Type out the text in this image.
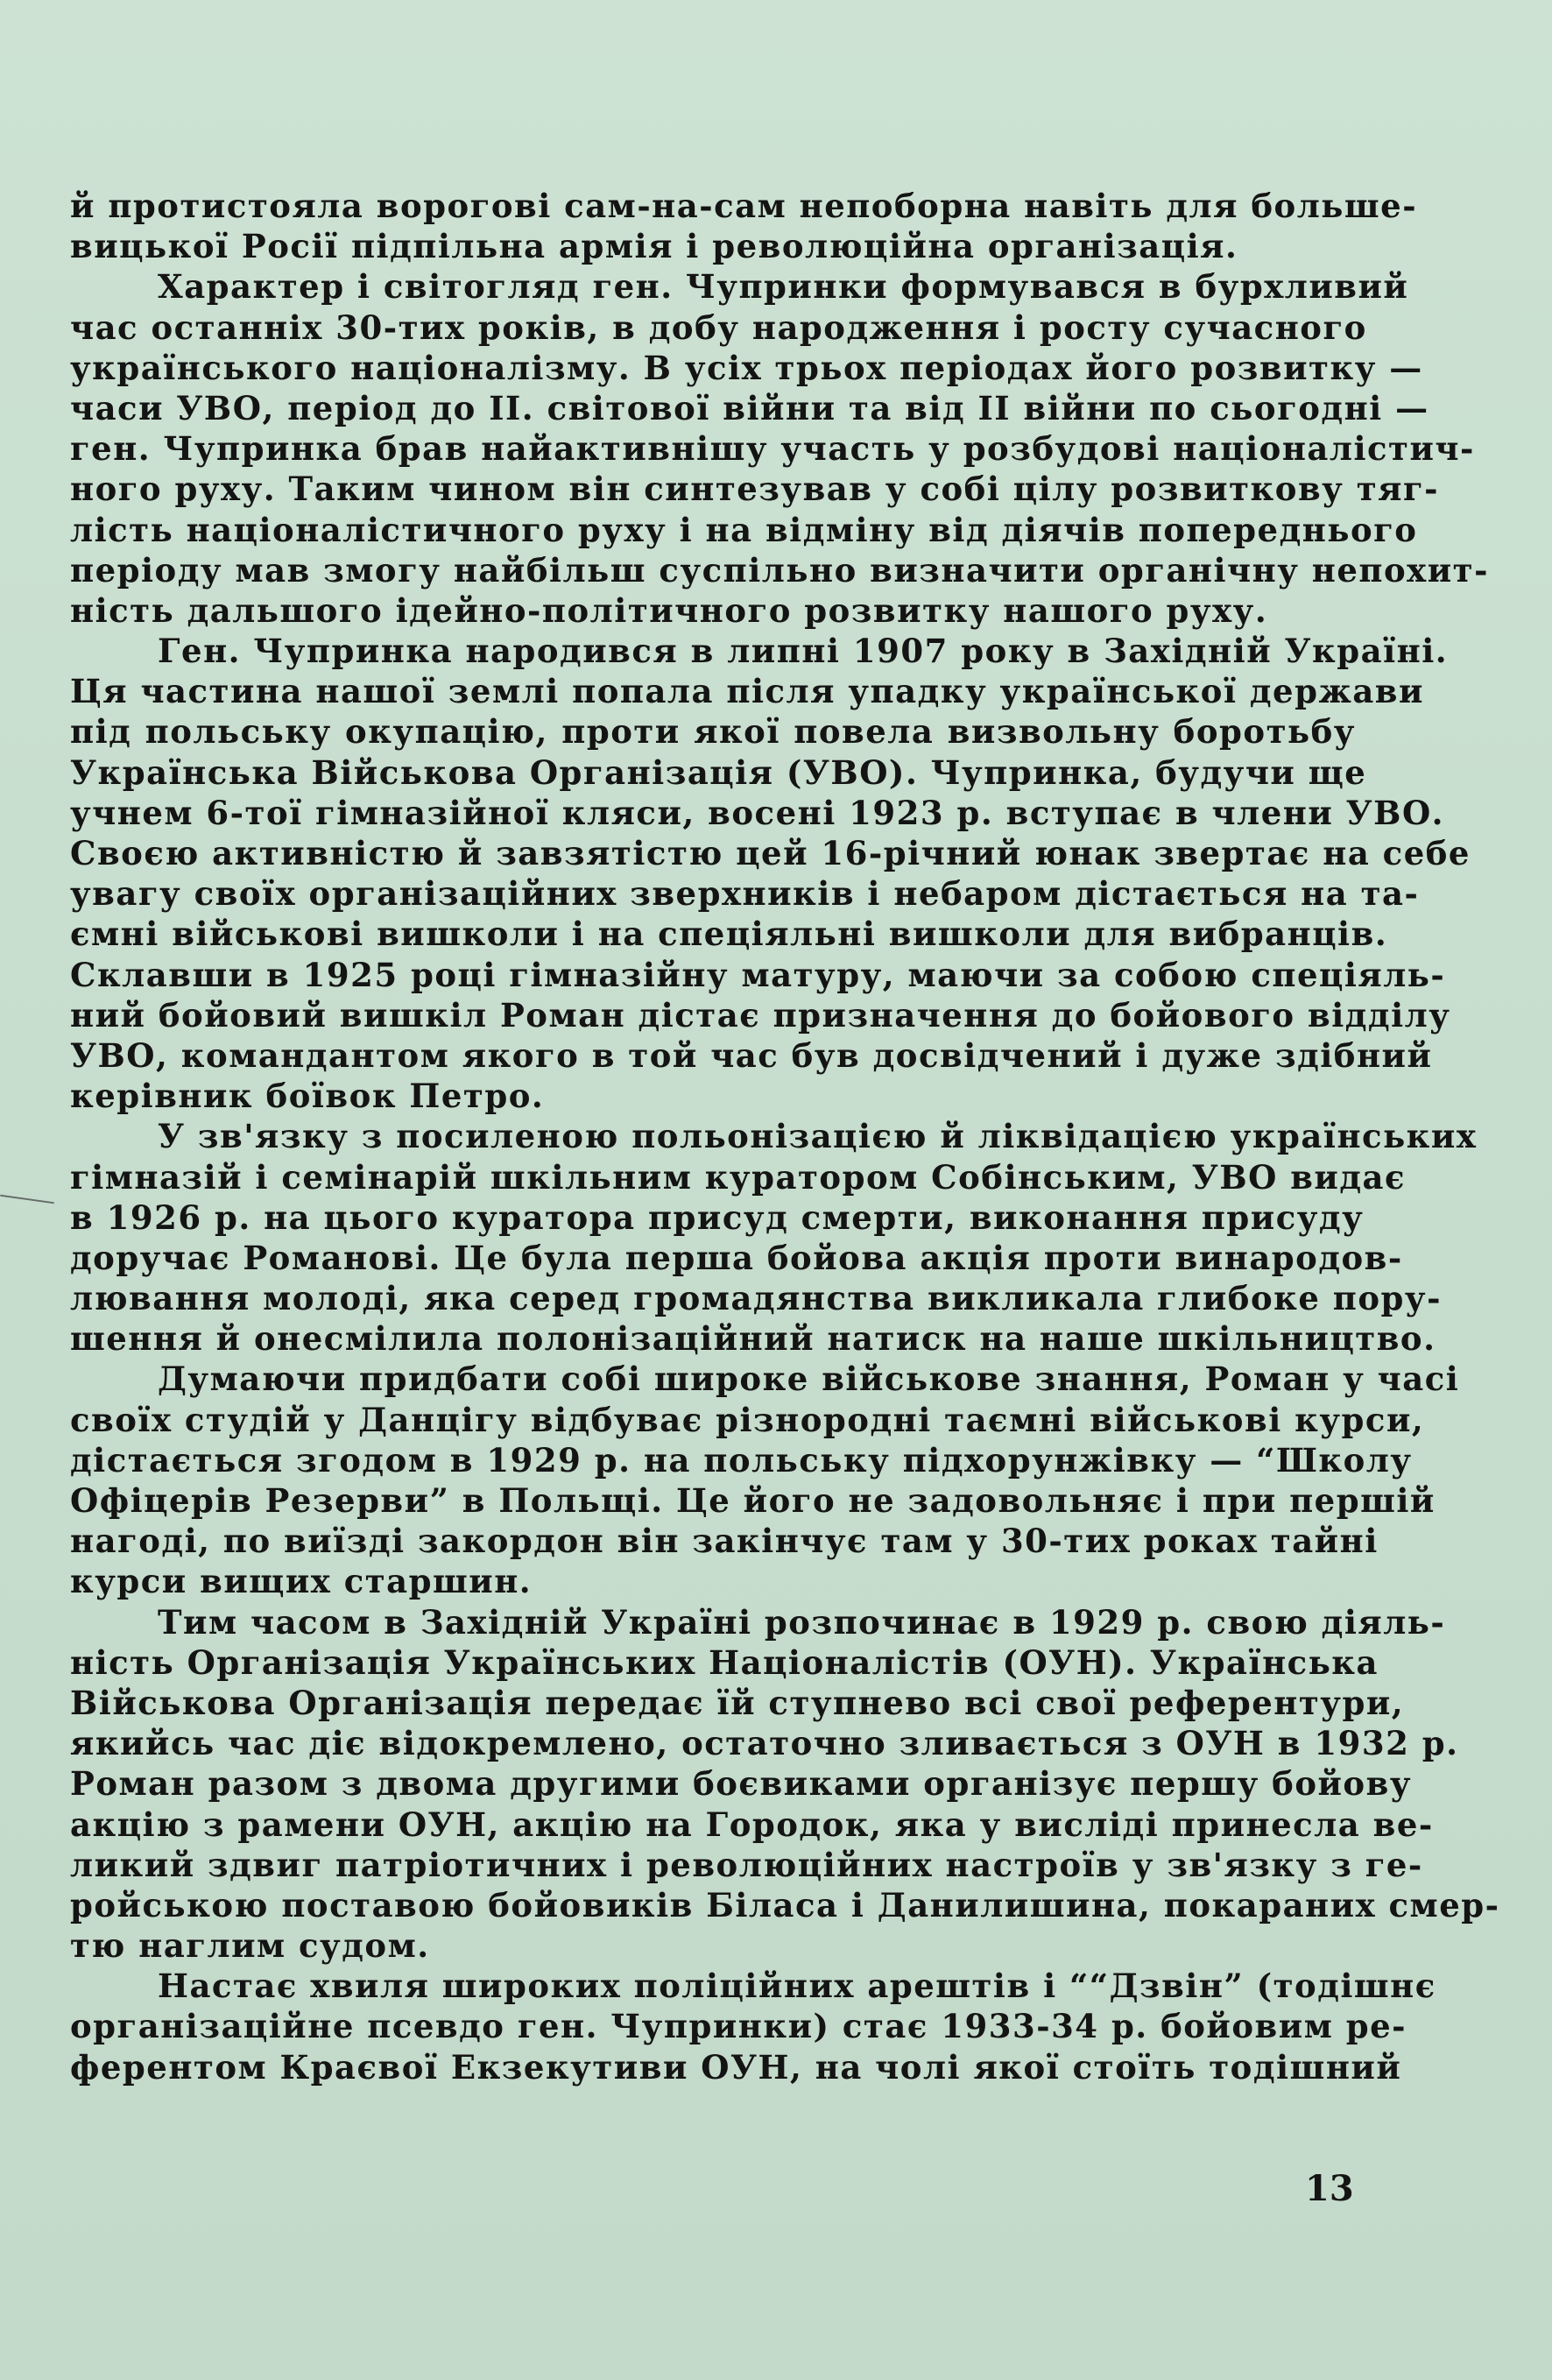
й протистояла ворогові сам-на-сам непоборна навіть для больше-
вицької Росії підпільна армія і революційна організація.
Характер і світогляд ген. Чупринки формувався в бурхливий
час останніх 30-тих років, в добу народження і росту сучасного
українського націоналізму. В усіх трьох періодах його розвитку —
часи УВО, період до II. світової війни та від II війни по сьогодні —
ген. Чупринка брав найактивнішу участь у розбудові націоналістич-
ного руху. Таким чином він синтезував у собі цілу розвиткову тяг-
лість націоналістичного руху і на відміну від діячів попереднього
періоду мав змогу найбільш суспільно визначити органічну непохит-
ність дальшого ідейно-політичного розвитку нашого руху.
Ген. Чупринка народився в липні 1907 року в Західній Україні.
Ця частина нашої землі попала після упадку української держави
під польську окупацію, проти якої повела визвольну боротьбу
Українська Військова Організація (УВО). Чупринка, будучи ще
учнем 6-тої гімназійної кляси, восені 1923 р. вступає в члени УВО.
Своєю активністю й завзятістю цей 16-річний юнак звертає на себе
увагу своїх організаційних зверхників і небаром дістається на та-
ємні військові вишколи і на спеціяльні вишколи для вибранців.
Склавши в 1925 році гімназійну матуру, маючи за собою спеціяль-
ний бойовий вишкіл Роман дістає призначення до бойового відділу
УВО, командантом якого в той час був досвідчений і дуже здібний
керівник боївок Петро.
У зв'язку з посиленою польонізацією й ліквідацією українських
гімназій і семінарій шкільним куратором Собінським, УВО видає
в 1926 р. на цього куратора присуд смерти, виконання присуду
доручає Романові. Це була перша бойова акція проти винародов-
лювання молоді, яка серед громадянства викликала глибоке пору-
шення й онесмілила полонізаційний натиск на наше шкільництво.
Думаючи придбати собі широке військове знання, Роман у часі
своїх студій у Данцігу відбуває різнородні таємні військові курси,
дістається згодом в 1929 р. на польську підхорунжівку — “Школу
Офіцерів Резерви” в Польщі. Це його не задовольняє і при першій
нагоді, по виїзді закордон він закінчує там у 30-тих роках тайні
курси вищих старшин.
Тим часом в Західній Україні розпочинає в 1929 р. свою діяль-
ність Організація Українських Націоналістів (ОУН). Українська
Військова Організація передає їй ступнево всі свої референтури,
якийсь час діє відокремлено, остаточно зливається з ОУН в 1932 р.
Роман разом з двома другими боєвиками організує першу бойову
акцію з рамени ОУН, акцію на Городок, яка у висліді принесла ве-
ликий здвиг патріотичних і революційних настроїв у зв'язку з ге-
ройською поставою бойовиків Біласа і Данилишина, покараних смер-
тю наглим судом.
Настає хвиля широких поліційних арештів і ““Дзвін” (тодішнє
організаційне псевдо ген. Чупринки) стає 1933-34 р. бойовим ре-
ферентом Краєвої Екзекутиви ОУН, на чолі якої стоїть тодішний
13
